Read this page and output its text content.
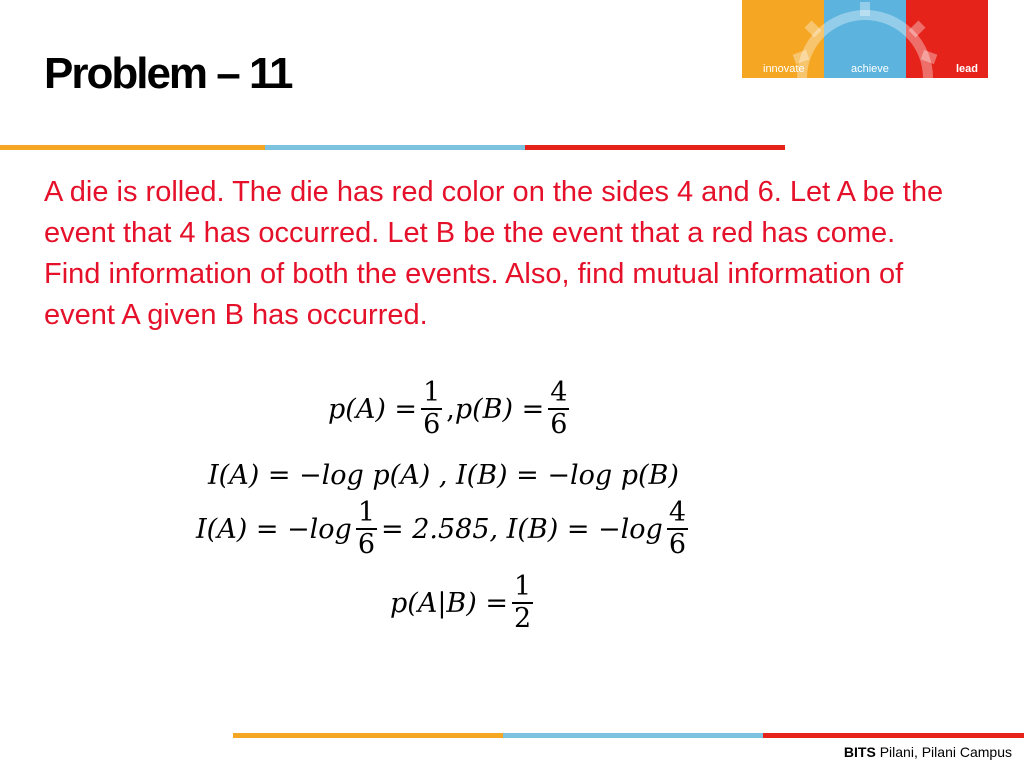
Problem – 11	innovate	achieve	lead

A die is rolled. The die has red color on the sides 4 and 6. Let A be the event that 4 has occurred. Let B be the event that a red has come. Find information of both the events. Also, find mutual information of event A given B has occurred.

$p(A) = \frac{1}{6}$ , $p(B) = \frac{4}{6}$
I(A) = −log p(A) , I(B) = −log p(B)
$I(A) = -\log \frac{1}{6} = 2.585$, $I(B) = -\log \frac{4}{6}$
$p(A|B) = \frac{1}{2}$
BITS Pilani, Pilani Campus
